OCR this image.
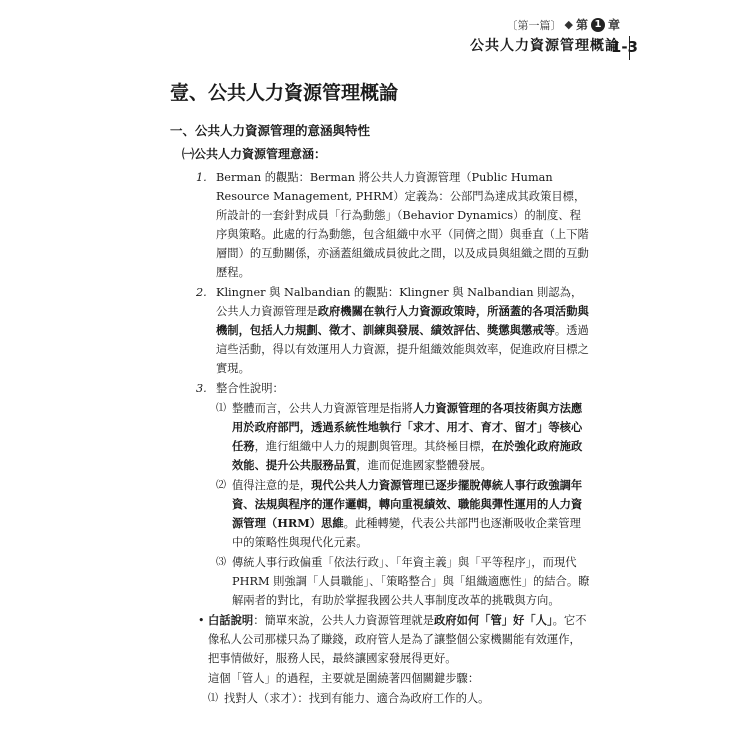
〔第一篇〕 ◆ 第 1 章
公共人力資源管理概論
1-3
壹、公共人力資源管理概論
一、公共人力資源管理的意涵與特性
㈠公共人力資源管理意涵：
1. Berman 的觀點：Berman 將公共人力資源管理（Public Human Resource Management, PHRM）定義為：公部門為達成其政策目標，所設計的一套針對成員「行為動態」（Behavior Dynamics）的制度、程序與策略。此處的行為動態，包含組織中水平（同儕之間）與垂直（上下階層間）的互動關係，亦涵蓋組織成員彼此之間，以及成員與組織之間的互動歷程。
2. Klingner 與 Nalbandian 的觀點：Klingner 與 Nalbandian 則認為，公共人力資源管理是政府機關在執行人力資源政策時，所涵蓋的各項活動與機制，包括人力規劃、徵才、訓練與發展、績效評估、獎懲與懲戒等。透過這些活動，得以有效運用人力資源，提升組織效能與效率，促進政府目標之實現。
3. 整合性說明：
⑴ 整體而言，公共人力資源管理是指將人力資源管理的各項技術與方法應用於政府部門，透過系統性地執行「求才、用才、育才、留才」等核心任務，進行組織中人力的規劃與管理。其終極目標，在於強化政府施政效能、提升公共服務品質，進而促進國家整體發展。
⑵ 值得注意的是，現代公共人力資源管理已逐步擺脫傳統人事行政強調年資、法規與程序的運作邏輯，轉向重視績效、職能與彈性運用的人力資源管理（HRM）思維。此種轉變，代表公共部門也逐漸吸收企業管理中的策略性與現代化元素。
⑶ 傳統人事行政偏重「依法行政」、「年資主義」與「平等程序」，而現代 PHRM 則強調「人員職能」、「策略整合」與「組織適應性」的結合。瞭解兩者的對比，有助於掌握我國公共人事制度改革的挑戰與方向。
• 白話說明：簡單來說，公共人力資源管理就是政府如何「管」好「人」。它不像私人公司那樣只為了賺錢，政府管人是為了讓整個公家機關能有效運作，把事情做好，服務人民，最終讓國家發展得更好。
這個「管人」的過程，主要就是圍繞著四個關鍵步驟：
⑴ 找對人（求才）：找到有能力、適合為政府工作的人。
